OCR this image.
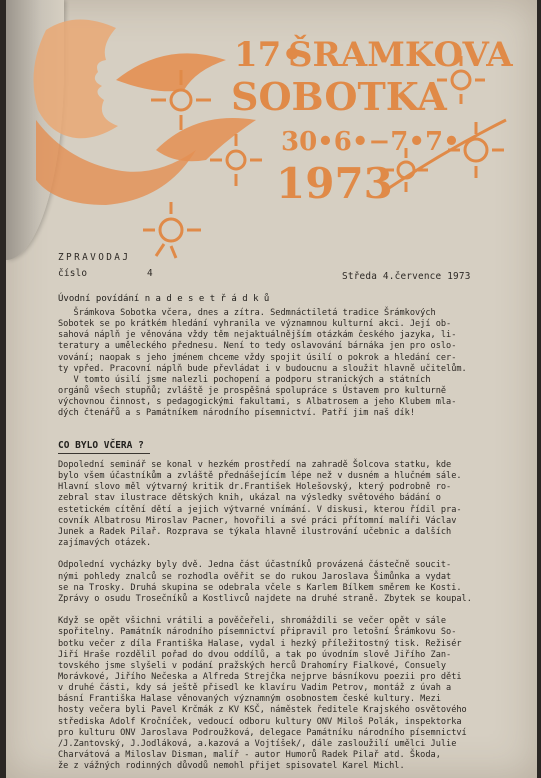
17•
ŠRAMKOVA
SOBOTKA
30•6•−7•7•
1973
ZPRAVODAJ
číslo	4	Středa 4.července 1973
Úvodní povídání n a d e s e t ř á d k ů
Šrámkova Sobotka včera, dnes a zítra. Sedmnáctiletá tradice Šrámkových
Sobotek se po krátkém hledání vyhranila ve významnou kulturní akci. Její ob-
sahová náplň je věnována vždy těm nejaktuálnějším otázkám českého jazyka, li-
teratury a uměleckého přednesu. Není to tedy oslavování bárnáka jen pro oslo-
vování; naopak s jeho jménem chceme vždy spojit úsilí o pokrok a hledání cer-
ty vpřed. Pracovní náplň bude převládat i v budoucnu a sloužit hlavně učitelům.
V tomto úsilí jsme nalezli pochopení a podporu stranických a státních
orgánů všech stupňů; zvláště je prospěšná spolupráce s Ústavem pro kulturně
výchovnou činnost, s pedagogickými fakultami, s Albatrosem a jeho Klubem mla-
dých čtenářů a s Památníkem národního písemnictví. Patří jim naš dík!
CO BYLO VČERA ?
Dopolední seminář se konal v hezkém prostředí na zahradě Šolcova statku, kde
bylo všem účastníkům a zvláště přednášejícím lépe než v dusném a hlučném sále.
Hlavní slovo měl výtvarný kritik dr.František Holešovský, který podrobně ro-
zebral stav ilustrace dětských knih, ukázal na výsledky světového bádání o
estetickém cítění dětí a jejich výtvarné vnímání. V diskusi, kterou řídil pra-
covník Albatrosu Miroslav Pacner, hovořili a své práci přítomní malíři Václav
Junek a Radek Pilař. Rozprava se týkala hlavně ilustrování učebnic a dalších
zajímavých otázek.

Odpolední vycházky byly dvě. Jedna část účastníků provázená částečně soucit-
nými pohledy znalců se rozhodla ověřit se do rukou Jaroslava Šimůnka a vydat
se na Trosky. Druhá skupina se odebrala včele s Karlem Bílkem směrem ke Kosti.
Zprávy o osudu Trosečníků a Kostlivců najdete na druhé straně. Zbytek se koupal.

Když se opět všichni vrátili a pověčeřeli, shromáždili se večer opět v sále
spořitelny. Památník národního písemnictví připravil pro letošní Šrámkovu So-
botku večer z díla Františka Halase, vydal i hezký příležitostný tisk. Režisér
Jiří Hraše rozdělil pořad do dvou oddílů, a tak po úvodním slově Jiřího Zan-
tovského jsme slyšeli v podání pražských herců Drahomíry Fialkové, Consuely
Morávkové, Jiřího Nečeska a Alfreda Strejčka nejprve básníkovu poezii pro děti
v druhé části, kdy sá ještě přisedl ke klavíru Vadim Petrov, montáž z úvah a
básní Františka Halase věnovaných významným osobnostem české kultury. Mezi
hosty večera byli Pavel Krčmák z KV KSČ, náměstek ředitele Krajského osvětového
střediska Adolf Kročníček, vedoucí odboru kultury ONV Miloš Polák, inspektorka
pro kulturu ONV Jaroslava Podroužková, delegace Památníku národního písemnictví
/J.Zantovský, J.Jodláková, a.kazová a Vojtíšek/, dále zasloužilí umělci Julie
Charvátová a Miloslav Disman, malíř - autor Humorů Radek Pilař atd. Škoda,
že z vážných rodinných důvodů nemohl přijet spisovatel Karel Michl.
